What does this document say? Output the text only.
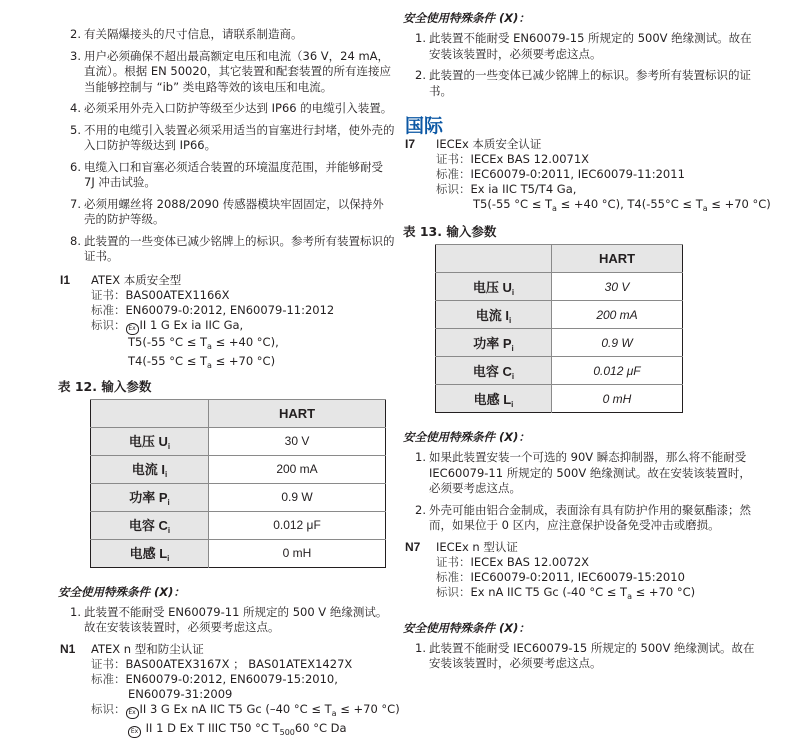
2. 有关隔爆接头的尺寸信息，请联系制造商。
3. 用户必须确保不超出最高额定电压和电流（36 V，24 mA，直流）。根据 EN 50020，其它装置和配套装置的所有连接应当能够控制与 “ib” 类电路等效的该电压和电流。
4. 必须采用外壳入口防护等级至少达到 IP66 的电缆引入装置。
5. 不用的电缆引入装置必须采用适当的盲塞进行封堵，使外壳的入口防护等级达到 IP66。
6. 电缆入口和盲塞必须适合装置的环境温度范围，并能够耐受 7J 冲击试验。
7. 必须用螺丝将 2088/2090 传感器模块牢固固定，以保持外壳的防护等级。
8. 此装置的一些变体已减少铭牌上的标识。参考所有装置标识的证书。
I1 ATEX 本质安全型
证书：BAS00ATEX1166X
标准：EN60079-0:2012, EN60079-11:2012
标识： Ex II 1 G Ex ia IIC Ga,
T5(-55 $^\circ C \le T_a \le +40$ °C),
T4(-55 $^\circ C \le T_a \le +70$ °C)
表 12. 输入参数
	HART
电压 $U_i$	30 V
电流 $I_i$	200 mA
功率 $P_i$	0.9 W
电容 $C_i$	0.012 μF
电感 $L_i$	0 mH
安全使用特殊条件 (X)：
1. 此装置不能耐受 EN60079-11 所规定的 500 V 绝缘测试。故在安装该装置时，必须要考虑这点。
N1 ATEX n 型和防尘认证
证书：BAS00ATEX3167X ； BAS01ATEX1427X
标准：EN60079-0:2012, EN60079-15:2010,
EN60079-31:2009
标识： Ex II 3 G Ex nA IIC T5 Gc (–40 $^\circ C \le T_a \le +70$ °C)
Ex II 1 D Ex T IIIC T50 °C $T_{500}60$ °C Da
安全使用特殊条件 (X)：
1. 此装置不能耐受 EN60079-15 所规定的 500V 绝缘测试。故在安装该装置时，必须要考虑这点。
2. 此装置的一些变体已减少铭牌上的标识。参考所有装置标识的证书。
国际
I7 IECEx 本质安全认证
证书：IECEx BAS 12.0071X
标准：IEC60079-0:2011, IEC60079-11:2011
标识：Ex ia IIC T5/T4 Ga,
T5(-55 $^\circ C \le T_a \le +40$ °C), $T4(-55^\circ C \le T_a \le +70$ °C)
表 13. 输入参数
	HART
电压 $U_i$	30 V
电流 $I_i$	200 mA
功率 $P_i$	0.9 W
电容 $C_i$	0.012 μF
电感 $L_i$	0 mH
安全使用特殊条件 (X)：
1. 如果此装置安装一个可选的 90V 瞬态抑制器，那么将不能耐受 IEC60079-11 所规定的 500V 绝缘测试。故在安装该装置时，必须要考虑这点。
2. 外壳可能由铝合金制成，表面涂有具有防护作用的聚氨酯漆；然而，如果位于 0 区内，应注意保护设备免受冲击或磨损。
N7 IECEx n 型认证
证书：IECEx BAS 12.0072X
标准：IEC60079-0:2011, IEC60079-15:2010
标识：Ex nA IIC T5 Gc (-40 $^\circ C \le T_a \le +70$ °C)
安全使用特殊条件 (X)：
1. 此装置不能耐受 IEC60079-15 所规定的 500V 绝缘测试。故在安装该装置时，必须要考虑这点。
